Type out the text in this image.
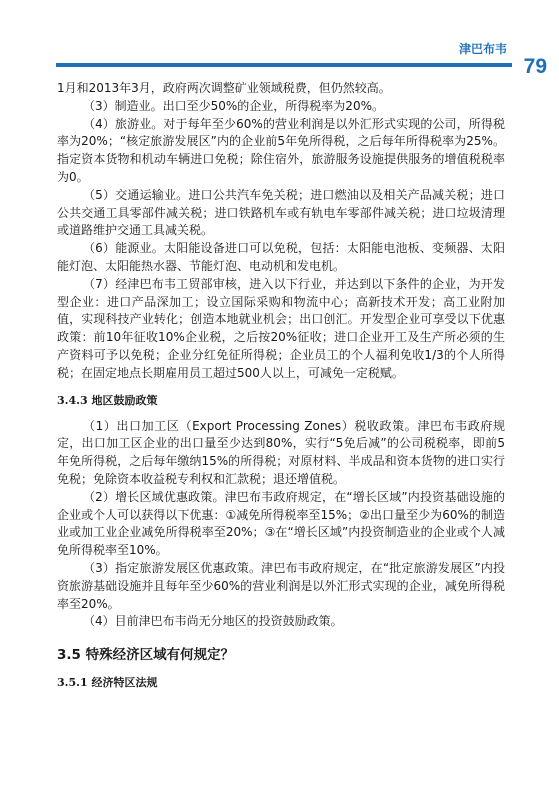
津巴布韦
79

1月和2013年3月，政府两次调整矿业领域税费，但仍然较高。

（3）制造业。出口至少50%的企业，所得税率为20%。

（4）旅游业。对于每年至少60%的营业利润是以外汇形式实现的公司，所得税率为20%；“核定旅游发展区”内的企业前5年免所得税，之后每年所得税率为25%。指定资本货物和机动车辆进口免税；除住宿外，旅游服务设施提供服务的增值税税率为0。

（5）交通运输业。进口公共汽车免关税；进口燃油以及相关产品减关税；进口公共交通工具零部件减关税；进口铁路机车或有轨电车零部件减关税；进口垃圾清理或道路维护交通工具减关税。

（6）能源业。太阳能设备进口可以免税，包括：太阳能电池板、变频器、太阳能灯泡、太阳能热水器、节能灯泡、电动机和发电机。

（7）经津巴布韦工贸部审核，进入以下行业，并达到以下条件的企业，为开发型企业：进口产品深加工；设立国际采购和物流中心；高新技术开发；高工业附加值，实现科技产业转化；创造本地就业机会；出口创汇。开发型企业可享受以下优惠政策：前10年征收10%企业税，之后按20%征收；进口企业开工及生产所必须的生产资料可予以免税；企业分红免征所得税；企业员工的个人福利免收1/3的个人所得税；在固定地点长期雇用员工超过500人以上，可减免一定税赋。

3.4.3 地区鼓励政策

（1）出口加工区（Export Processing Zones）税收政策。津巴布韦政府规定，出口加工区企业的出口量至少达到80%，实行“5免后减”的公司税税率，即前5年免所得税，之后每年缴纳15%的所得税；对原材料、半成品和资本货物的进口实行免税；免除资本收益税专利权和汇款税；退还增值税。

（2）增长区域优惠政策。津巴布韦政府规定，在“增长区域”内投资基础设施的企业或个人可以获得以下优惠：①减免所得税率至15%；②出口量至少为60%的制造业或加工业企业减免所得税率至20%；③在“增长区域”内投资制造业的企业或个人减免所得税率至10%。

（3）指定旅游发展区优惠政策。津巴布韦政府规定，在“批定旅游发展区”内投资旅游基础设施并且每年至少60%的营业利润是以外汇形式实现的企业，减免所得税率至20%。

（4）目前津巴布韦尚无分地区的投资鼓励政策。

3.5 特殊经济区域有何规定？
3.5.1 经济特区法规
